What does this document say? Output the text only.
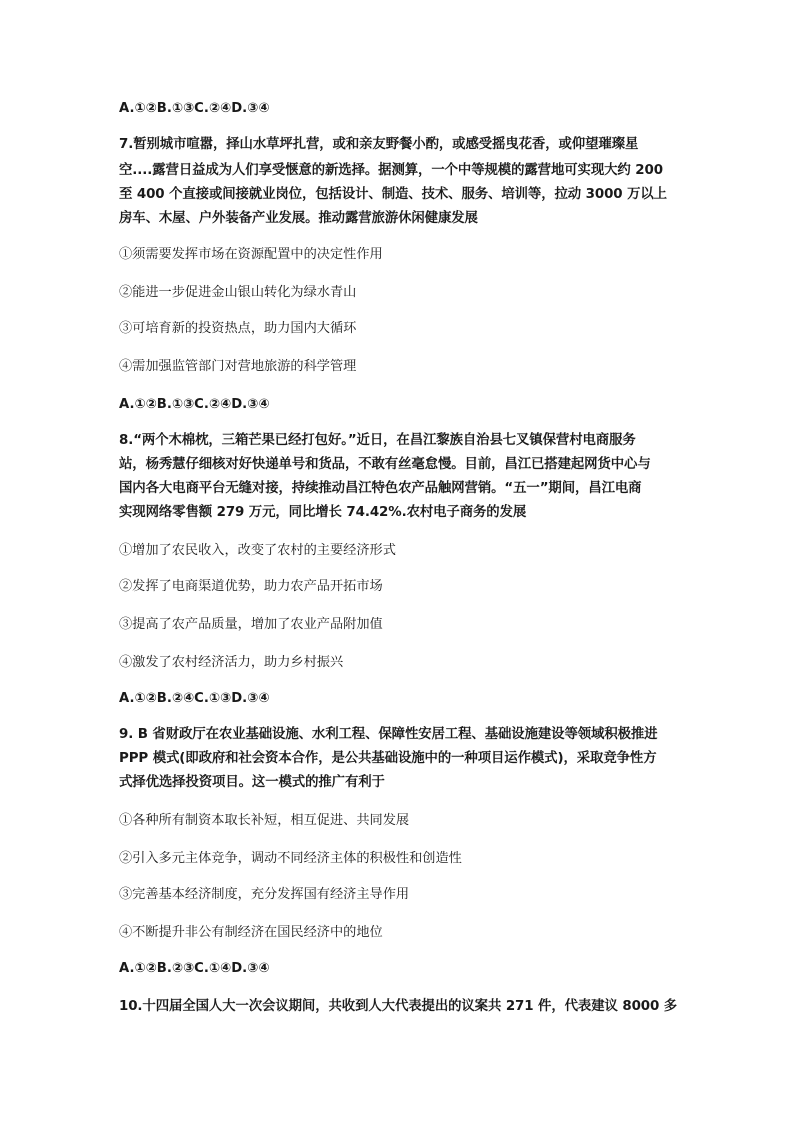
A.①②B.①③C.②④D.③④
7.暂别城市喧嚣，择山水草坪扎营，或和亲友野餐小酌，或感受摇曳花香，或仰望璀璨星
空....露营日益成为人们享受惬意的新选择。据测算，一个中等规模的露营地可实现大约 200
至 400 个直接或间接就业岗位，包括设计、制造、技术、服务、培训等，拉动 3000 万以上
房车、木屋、户外装备产业发展。推动露营旅游休闲健康发展
①须需要发挥市场在资源配置中的决定性作用
②能进一步促进金山银山转化为绿水青山
③可培育新的投资热点，助力国内大循环
④需加强监管部门对营地旅游的科学管理
A.①②B.①③C.②④D.③④
8.“两个木棉枕，三箱芒果已经打包好。”近日，在昌江黎族自治县七叉镇保营村电商服务
站，杨秀慧仔细核对好快递单号和货品，不敢有丝毫怠慢。目前，昌江已搭建起网货中心与
国内各大电商平台无缝对接，持续推动昌江特色农产品触网营销。“五一”期间，昌江电商
实现网络零售额 279 万元，同比增长 74.42%.农村电子商务的发展
①增加了农民收入，改变了农村的主要经济形式
②发挥了电商渠道优势，助力农产品开拓市场
③提高了农产品质量，增加了农业产品附加值
④激发了农村经济活力，助力乡村振兴
A.①②B.②④C.①③D.③④
9. B 省财政厅在农业基础设施、水利工程、保障性安居工程、基础设施建设等领域积极推进
PPP 模式(即政府和社会资本合作，是公共基础设施中的一种项目运作模式)，采取竞争性方
式择优选择投资项目。这一模式的推广有利于
①各种所有制资本取长补短，相互促进、共同发展
②引入多元主体竞争，调动不同经济主体的积极性和创造性
③完善基本经济制度，充分发挥国有经济主导作用
④不断提升非公有制经济在国民经济中的地位
A.①②B.②③C.①④D.③④
10.十四届全国人大一次会议期间，共收到人大代表提出的议案共 271 件，代表建议 8000 多
